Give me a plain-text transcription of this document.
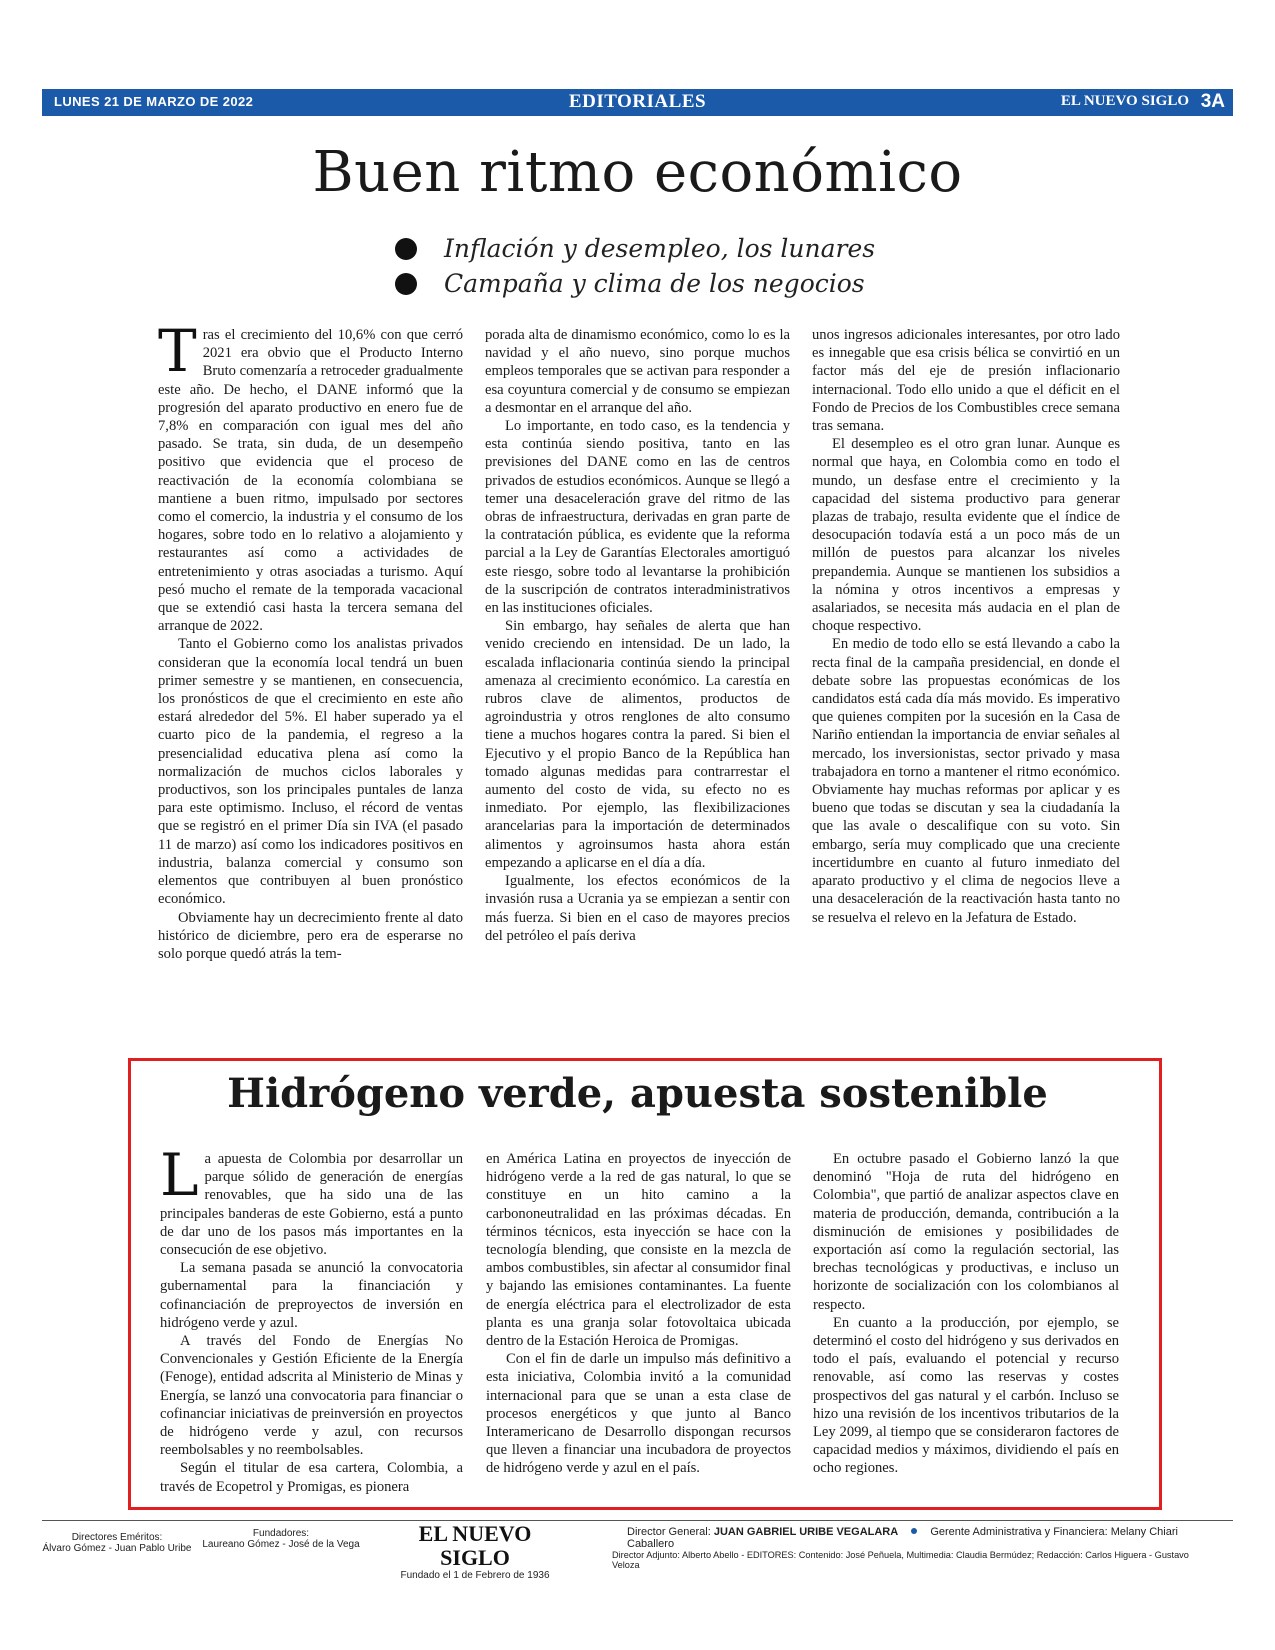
LUNES 21 DE MARZO DE 2022	EDITORIALES	EL NUEVO SIGLO 3A
Buen ritmo económico
Inflación y desempleo, los lunares
Campaña y clima de los negocios

Tras el crecimiento del 10,6% con que cerró 2021 era obvio que el Producto Interno Bruto comenzaría a retroceder gradualmente este año. De hecho, el DANE informó que la progresión del aparato productivo en enero fue de 7,8% en comparación con igual mes del año pasado. Se trata, sin duda, de un desempeño positivo que evidencia que el proceso de reactivación de la economía colombiana se mantiene a buen ritmo, impulsado por sectores como el comercio, la industria y el consumo de los hogares, sobre todo en lo relativo a alojamiento y restaurantes así como a actividades de entretenimiento y otras asociadas a turismo. Aquí pesó mucho el remate de la temporada vacacional que se extendió casi hasta la tercera semana del arranque de 2022.

Tanto el Gobierno como los analistas privados consideran que la economía local tendrá un buen primer semestre y se mantienen, en consecuencia, los pronósticos de que el crecimiento en este año estará alrededor del 5%. El haber superado ya el cuarto pico de la pandemia, el regreso a la presencialidad educativa plena así como la normalización de muchos ciclos laborales y productivos, son los principales puntales de lanza para este optimismo. Incluso, el récord de ventas que se registró en el primer Día sin IVA (el pasado 11 de marzo) así como los indicadores positivos en industria, balanza comercial y consumo son elementos que contribuyen al buen pronóstico económico.

Obviamente hay un decrecimiento frente al dato histórico de diciembre, pero era de esperarse no solo porque quedó atrás la tem-

porada alta de dinamismo económico, como lo es la navidad y el año nuevo, sino porque muchos empleos temporales que se activan para responder a esa coyuntura comercial y de consumo se empiezan a desmontar en el arranque del año.

Lo importante, en todo caso, es la tendencia y esta continúa siendo positiva, tanto en las previsiones del DANE como en las de centros privados de estudios económicos. Aunque se llegó a temer una desaceleración grave del ritmo de las obras de infraestructura, derivadas en gran parte de la contratación pública, es evidente que la reforma parcial a la Ley de Garantías Electorales amortiguó este riesgo, sobre todo al levantarse la prohibición de la suscripción de contratos interadministrativos en las instituciones oficiales.

Sin embargo, hay señales de alerta que han venido creciendo en intensidad. De un lado, la escalada inflacionaria continúa siendo la principal amenaza al crecimiento económico. La carestía en rubros clave de alimentos, productos de agroindustria y otros renglones de alto consumo tiene a muchos hogares contra la pared. Si bien el Ejecutivo y el propio Banco de la República han tomado algunas medidas para contrarrestar el aumento del costo de vida, su efecto no es inmediato. Por ejemplo, las flexibilizaciones arancelarias para la importación de determinados alimentos y agroinsumos hasta ahora están empezando a aplicarse en el día a día.

Igualmente, los efectos económicos de la invasión rusa a Ucrania ya se empiezan a sentir con más fuerza. Si bien en el caso de mayores precios del petróleo el país deriva

unos ingresos adicionales interesantes, por otro lado es innegable que esa crisis bélica se convirtió en un factor más del eje de presión inflacionario internacional. Todo ello unido a que el déficit en el Fondo de Precios de los Combustibles crece semana tras semana.

El desempleo es el otro gran lunar. Aunque es normal que haya, en Colombia como en todo el mundo, un desfase entre el crecimiento y la capacidad del sistema productivo para generar plazas de trabajo, resulta evidente que el índice de desocupación todavía está a un poco más de un millón de puestos para alcanzar los niveles prepandemia. Aunque se mantienen los subsidios a la nómina y otros incentivos a empresas y asalariados, se necesita más audacia en el plan de choque respectivo.

En medio de todo ello se está llevando a cabo la recta final de la campaña presidencial, en donde el debate sobre las propuestas económicas de los candidatos está cada día más movido. Es imperativo que quienes compiten por la sucesión en la Casa de Nariño entiendan la importancia de enviar señales al mercado, los inversionistas, sector privado y masa trabajadora en torno a mantener el ritmo económico. Obviamente hay muchas reformas por aplicar y es bueno que todas se discutan y sea la ciudadanía la que las avale o descalifique con su voto. Sin embargo, sería muy complicado que una creciente incertidumbre en cuanto al futuro inmediato del aparato productivo y el clima de negocios lleve a una desaceleración de la reactivación hasta tanto no se resuelva el relevo en la Jefatura de Estado.

Hidrógeno verde, apuesta sostenible

La apuesta de Colombia por desarrollar un parque sólido de generación de energías renovables, que ha sido una de las principales banderas de este Gobierno, está a punto de dar uno de los pasos más importantes en la consecución de ese objetivo.

La semana pasada se anunció la convocatoria gubernamental para la financiación y cofinanciación de preproyectos de inversión en hidrógeno verde y azul.

A través del Fondo de Energías No Convencionales y Gestión Eficiente de la Energía (Fenoge), entidad adscrita al Ministerio de Minas y Energía, se lanzó una convocatoria para financiar o cofinanciar iniciativas de preinversión en proyectos de hidrógeno verde y azul, con recursos reembolsables y no reembolsables.

Según el titular de esa cartera, Colombia, a través de Ecopetrol y Promigas, es pionera

en América Latina en proyectos de inyección de hidrógeno verde a la red de gas natural, lo que se constituye en un hito camino a la carbononeutralidad en las próximas décadas. En términos técnicos, esta inyección se hace con la tecnología blending, que consiste en la mezcla de ambos combustibles, sin afectar al consumidor final y bajando las emisiones contaminantes. La fuente de energía eléctrica para el electrolizador de esta planta es una granja solar fotovoltaica ubicada dentro de la Estación Heroica de Promigas.

Con el fin de darle un impulso más definitivo a esta iniciativa, Colombia invitó a la comunidad internacional para que se unan a esta clase de procesos energéticos y que junto al Banco Interamericano de Desarrollo dispongan recursos que lleven a financiar una incubadora de proyectos de hidrógeno verde y azul en el país.

En octubre pasado el Gobierno lanzó la que denominó "Hoja de ruta del hidrógeno en Colombia", que partió de analizar aspectos clave en materia de producción, demanda, contribución a la disminución de emisiones y posibilidades de exportación así como la regulación sectorial, las brechas tecnológicas y productivas, e incluso un horizonte de socialización con los colombianos al respecto.

En cuanto a la producción, por ejemplo, se determinó el costo del hidrógeno y sus derivados en todo el país, evaluando el potencial y recurso renovable, así como las reservas y costes prospectivos del gas natural y el carbón. Incluso se hizo una revisión de los incentivos tributarios de la Ley 2099, al tiempo que se consideraron factores de capacidad medios y máximos, dividiendo el país en ocho regiones.

Directores Eméritos:
Álvaro Gómez - Juan Pablo Uribe
Fundadores:
Laureano Gómez - José de la Vega	EL NUEVO SIGLO
Fundado el 1 de Febrero de 1936
Director General: JUAN GABRIEL URIBE VEGALARA	Gerente Administrativa y Financiera: Melany Chiari Caballero
Director Adjunto: Alberto Abello - EDITORES: Contenido: José Peñuela, Multimedia: Claudia Bermúdez; Redacción: Carlos Higuera - Gustavo Veloza
